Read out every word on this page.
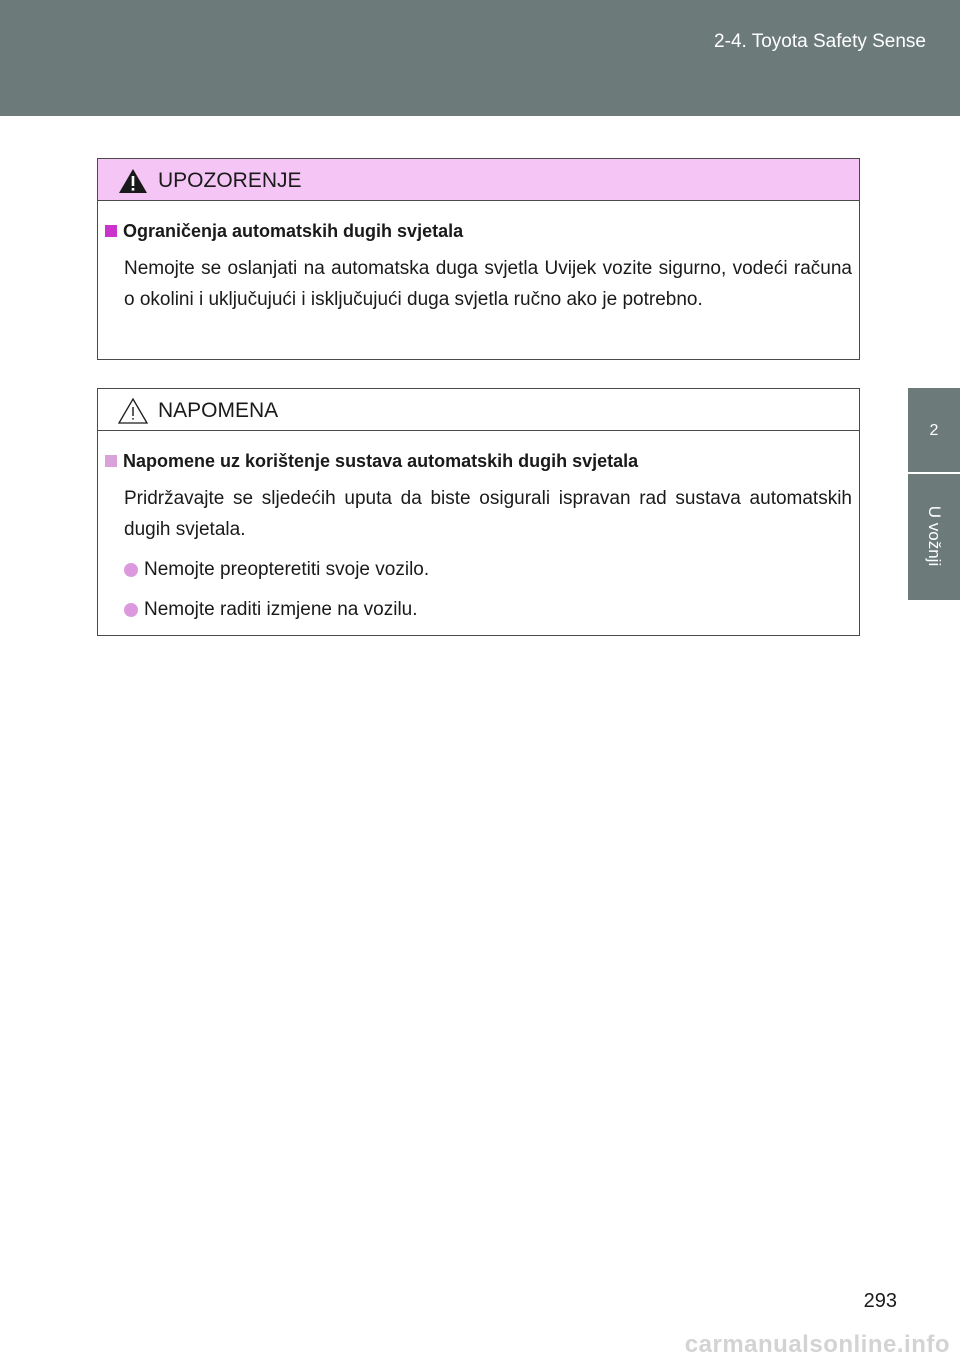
2-4. Toyota Safety Sense
2
U vožnji
UPOZORENJE
Ograničenja automatskih dugih svjetala
Nemojte se oslanjati na automatska duga svjetla Uvijek vozite sigurno, vodeći računa o okolini i uključujući i isključujući duga svjetla ručno ako je potrebno.
NAPOMENA
Napomene uz korištenje sustava automatskih dugih svjetala
Pridržavajte se sljedećih uputa da biste osigurali ispravan rad sustava automatskih dugih svjetala.
Nemojte preopteretiti svoje vozilo.
Nemojte raditi izmjene na vozilu.
293
carmanualsonline.info
